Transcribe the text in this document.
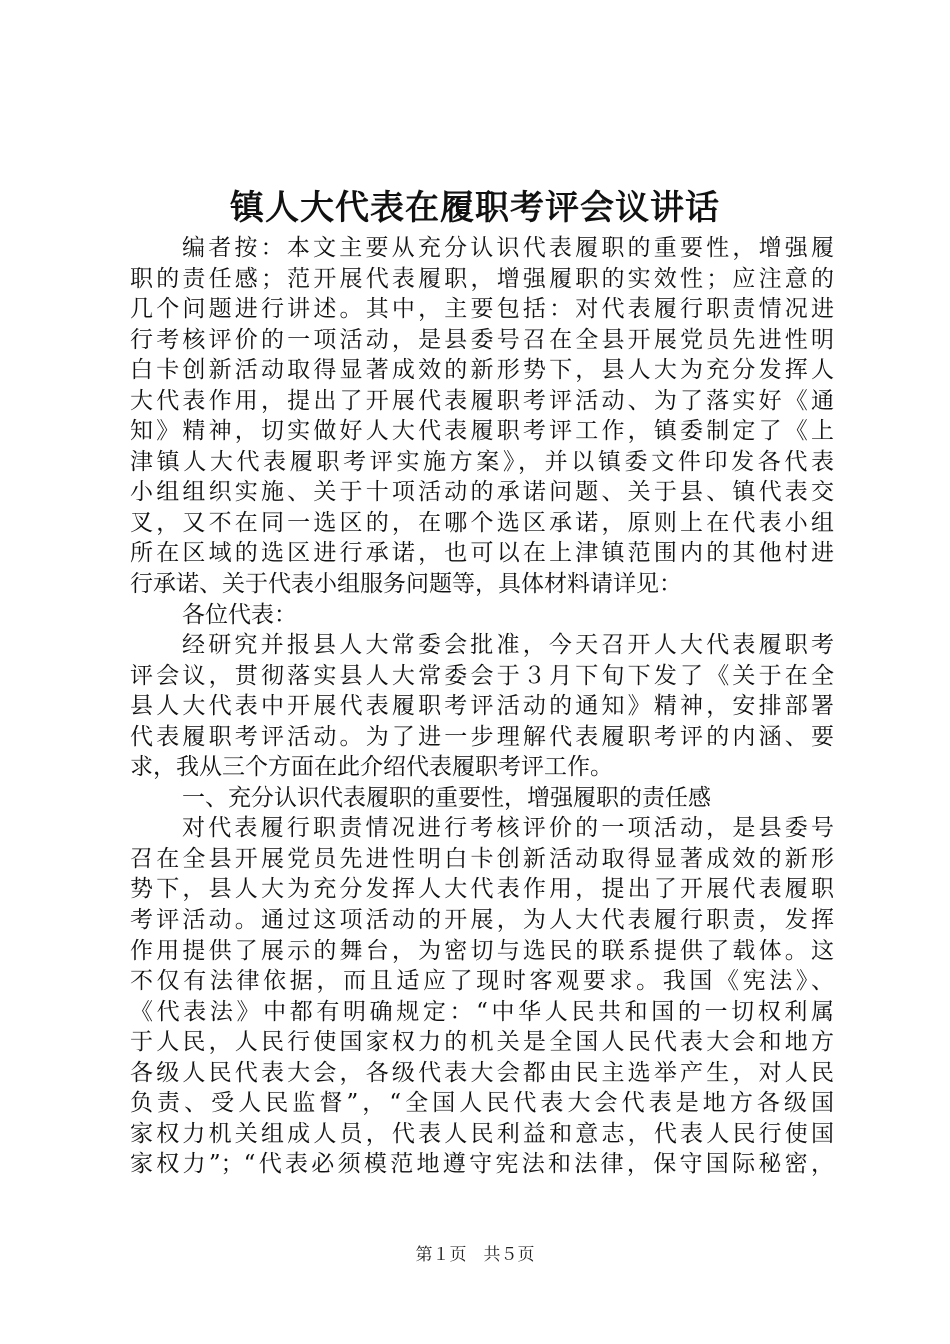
镇人大代表在履职考评会议讲话
编者按：本文主要从充分认识代表履职的重要性，增强履
职的责任感；范开展代表履职，增强履职的实效性；应注意的
几个问题进行讲述。其中，主要包括：对代表履行职责情况进
行考核评价的一项活动，是县委号召在全县开展党员先进性明
白卡创新活动取得显著成效的新形势下，县人大为充分发挥人
大代表作用，提出了开展代表履职考评活动、为了落实好《通
知》精神，切实做好人大代表履职考评工作，镇委制定了《上
津镇人大代表履职考评实施方案》，并以镇委文件印发各代表
小组组织实施、关于十项活动的承诺问题、关于县、镇代表交
叉，又不在同一选区的，在哪个选区承诺，原则上在代表小组
所在区域的选区进行承诺，也可以在上津镇范围内的其他村进
行承诺、关于代表小组服务问题等，具体材料请详见：
各位代表：
经研究并报县人大常委会批准，今天召开人大代表履职考
评会议，贯彻落实县人大常委会于３月下旬下发了《关于在全
县人大代表中开展代表履职考评活动的通知》精神，安排部署
代表履职考评活动。为了进一步理解代表履职考评的内涵、要
求，我从三个方面在此介绍代表履职考评工作。
一、充分认识代表履职的重要性，增强履职的责任感
对代表履行职责情况进行考核评价的一项活动，是县委号
召在全县开展党员先进性明白卡创新活动取得显著成效的新形
势下，县人大为充分发挥人大代表作用，提出了开展代表履职
考评活动。通过这项活动的开展，为人大代表履行职责，发挥
作用提供了展示的舞台，为密切与选民的联系提供了载体。这
不仅有法律依据，而且适应了现时客观要求。我国《宪法》、
《代表法》中都有明确规定：“中华人民共和国的一切权利属
于人民，人民行使国家权力的机关是全国人民代表大会和地方
各级人民代表大会，各级代表大会都由民主选举产生，对人民
负责、受人民监督”，“全国人民代表大会代表是地方各级国
家权力机关组成人员，代表人民利益和意志，代表人民行使国
家权力”；“代表必须模范地遵守宪法和法律，保守国际秘密，
第１页　共５页
